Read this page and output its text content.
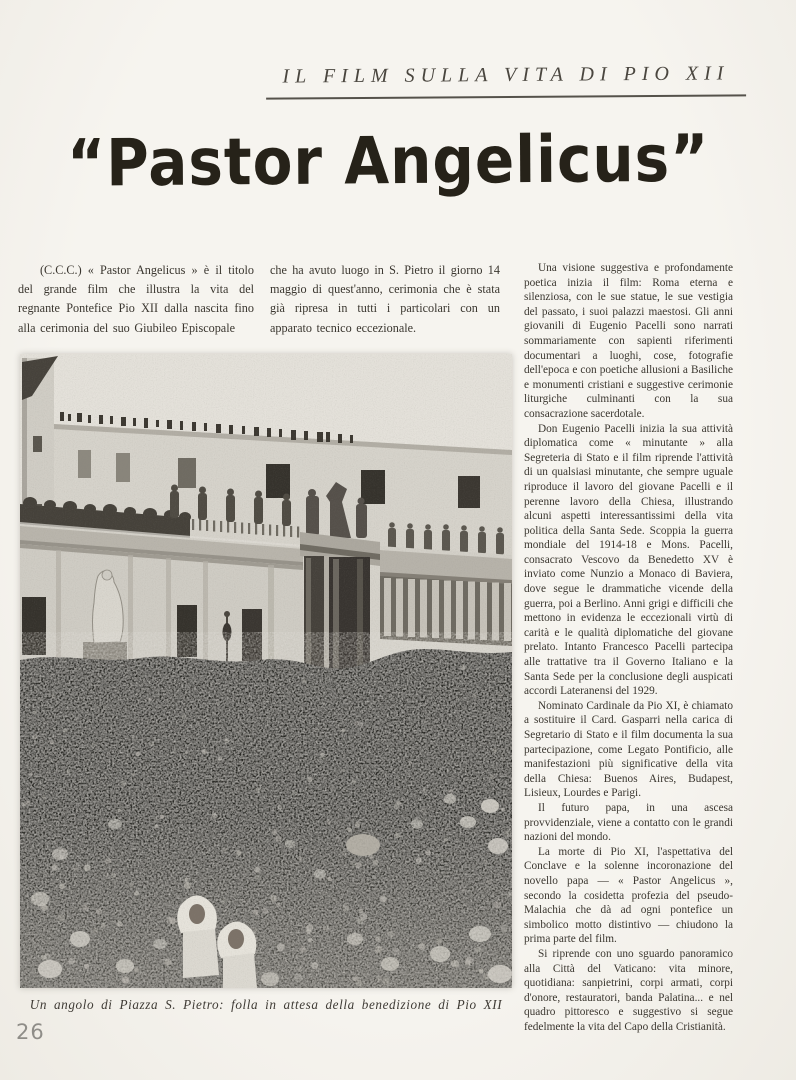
IL FILM SULLA VITA DI PIO XII
“Pastor Angelicus”
(C.C.C.) « Pastor Angelicus » è il titolo del grande film che illustra la vita del regnante Pontefice Pio XII dalla nascita fino alla cerimonia del suo Giubileo Episcopale
che ha avuto luogo in S. Pietro il giorno 14 maggio di quest'anno, cerimonia che è stata già ripresa in tutti i particolari con un apparato tecnico eccezionale.

Una visione suggestiva e profondamente poetica inizia il film: Roma eterna e silenziosa, con le sue statue, le sue vestigia del passato, i suoi palazzi maestosi. Gli anni giovanili di Eugenio Pacelli sono narrati sommariamente con sapienti riferimenti documentari a luoghi, cose, fotografie dell'epoca e con poetiche allusioni a Basiliche e monumenti cristiani e suggestive cerimonie liturgiche culminanti con la sua consacrazione sacerdotale.

Don Eugenio Pacelli inizia la sua attività diplomatica come « minutante » alla Segreteria di Stato e il film riprende l'attività di un qualsiasi minutante, che sempre uguale riproduce il lavoro del giovane Pacelli e il perenne lavoro della Chiesa, illustrando alcuni aspetti interessantissimi della vita politica della Santa Sede. Scoppia la guerra mondiale del 1914-18 e Mons. Pacelli, consacrato Vescovo da Benedetto XV è inviato come Nunzio a Monaco di Baviera, dove segue le drammatiche vicende della guerra, poi a Berlino. Anni grigi e difficili che mettono in evidenza le eccezionali virtù di carità e le qualità diplomatiche del giovane prelato. Intanto Francesco Pacelli partecipa alle trattative tra il Governo Italiano e la Santa Sede per la conclusione degli auspicati accordi Lateranensi del 1929.

Nominato Cardinale da Pio XI, è chiamato a sostituire il Card. Gasparri nella carica di Segretario di Stato e il film documenta la sua partecipazione, come Legato Pontificio, alle manifestazioni più significative della vita della Chiesa: Buenos Aires, Budapest, Lisieux, Lourdes e Parigi.

Il futuro papa, in una ascesa provvidenziale, viene a contatto con le grandi nazioni del mondo.

La morte di Pio XI, l'aspettativa del Conclave e la solenne incoronazione del novello papa — « Pastor Angelicus », secondo la cosidetta profezia del pseudo-Malachia che dà ad ogni pontefice un simbolico motto distintivo — chiudono la prima parte del film.

Si riprende con uno sguardo panoramico alla Città del Vaticano: vita minore, quotidiana: sanpietrini, corpi armati, corpi d'onore, restauratori, banda Palatina... e nel quadro pittoresco e suggestivo si segue fedelmente la vita del Capo della Cristianità.

Un angolo di Piazza S. Pietro: folla in attesa della benedizione di Pio XII
26
